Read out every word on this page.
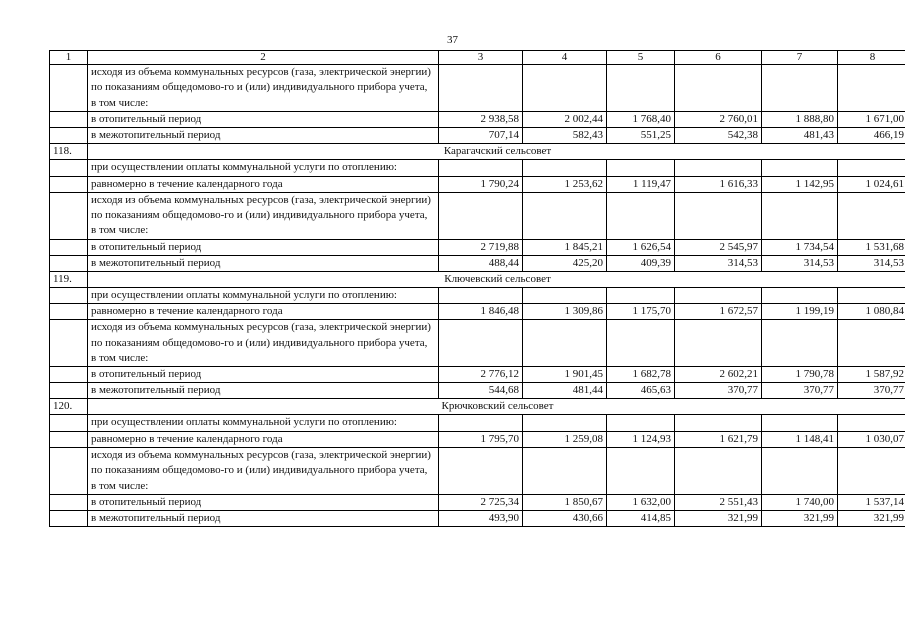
37
1	2	3	4	5	6	7	8
	исходя из объема коммунальных ресурсов (газа, электрической энергии) по показаниям общедомово-го и (или) индивидуального прибора учета, в том числе:						
	в отопительный период	2 938,58	2 002,44	1 768,40	2 760,01	1 888,80	1 671,00
	в межотопительный период	707,14	582,43	551,25	542,38	481,43	466,19
118.	Карагачский сельсовет						
	при осуществлении оплаты коммунальной услуги по отоплению:						
	равномерно в течение календарного года	1 790,24	1 253,62	1 119,47	1 616,33	1 142,95	1 024,61
	исходя из объема коммунальных ресурсов (газа, электрической энергии) по показаниям общедомово-го и (или) индивидуального прибора учета, в том числе:						
	в отопительный период	2 719,88	1 845,21	1 626,54	2 545,97	1 734,54	1 531,68
	в межотопительный период	488,44	425,20	409,39	314,53	314,53	314,53
119.	Ключевский сельсовет						
	при осуществлении оплаты коммунальной услуги по отоплению:						
	равномерно в течение календарного года	1 846,48	1 309,86	1 175,70	1 672,57	1 199,19	1 080,84
	исходя из объема коммунальных ресурсов (газа, электрической энергии) по показаниям общедомово-го и (или) индивидуального прибора учета, в том числе:						
	в отопительный период	2 776,12	1 901,45	1 682,78	2 602,21	1 790,78	1 587,92
	в межотопительный период	544,68	481,44	465,63	370,77	370,77	370,77
120.	Крючковский сельсовет						
	при осуществлении оплаты коммунальной услуги по отоплению:						
	равномерно в течение календарного года	1 795,70	1 259,08	1 124,93	1 621,79	1 148,41	1 030,07
	исходя из объема коммунальных ресурсов (газа, электрической энергии) по показаниям общедомово-го и (или) индивидуального прибора учета, в том числе:						
	в отопительный период	2 725,34	1 850,67	1 632,00	2 551,43	1 740,00	1 537,14
	в межотопительный период	493,90	430,66	414,85	321,99	321,99	321,99
